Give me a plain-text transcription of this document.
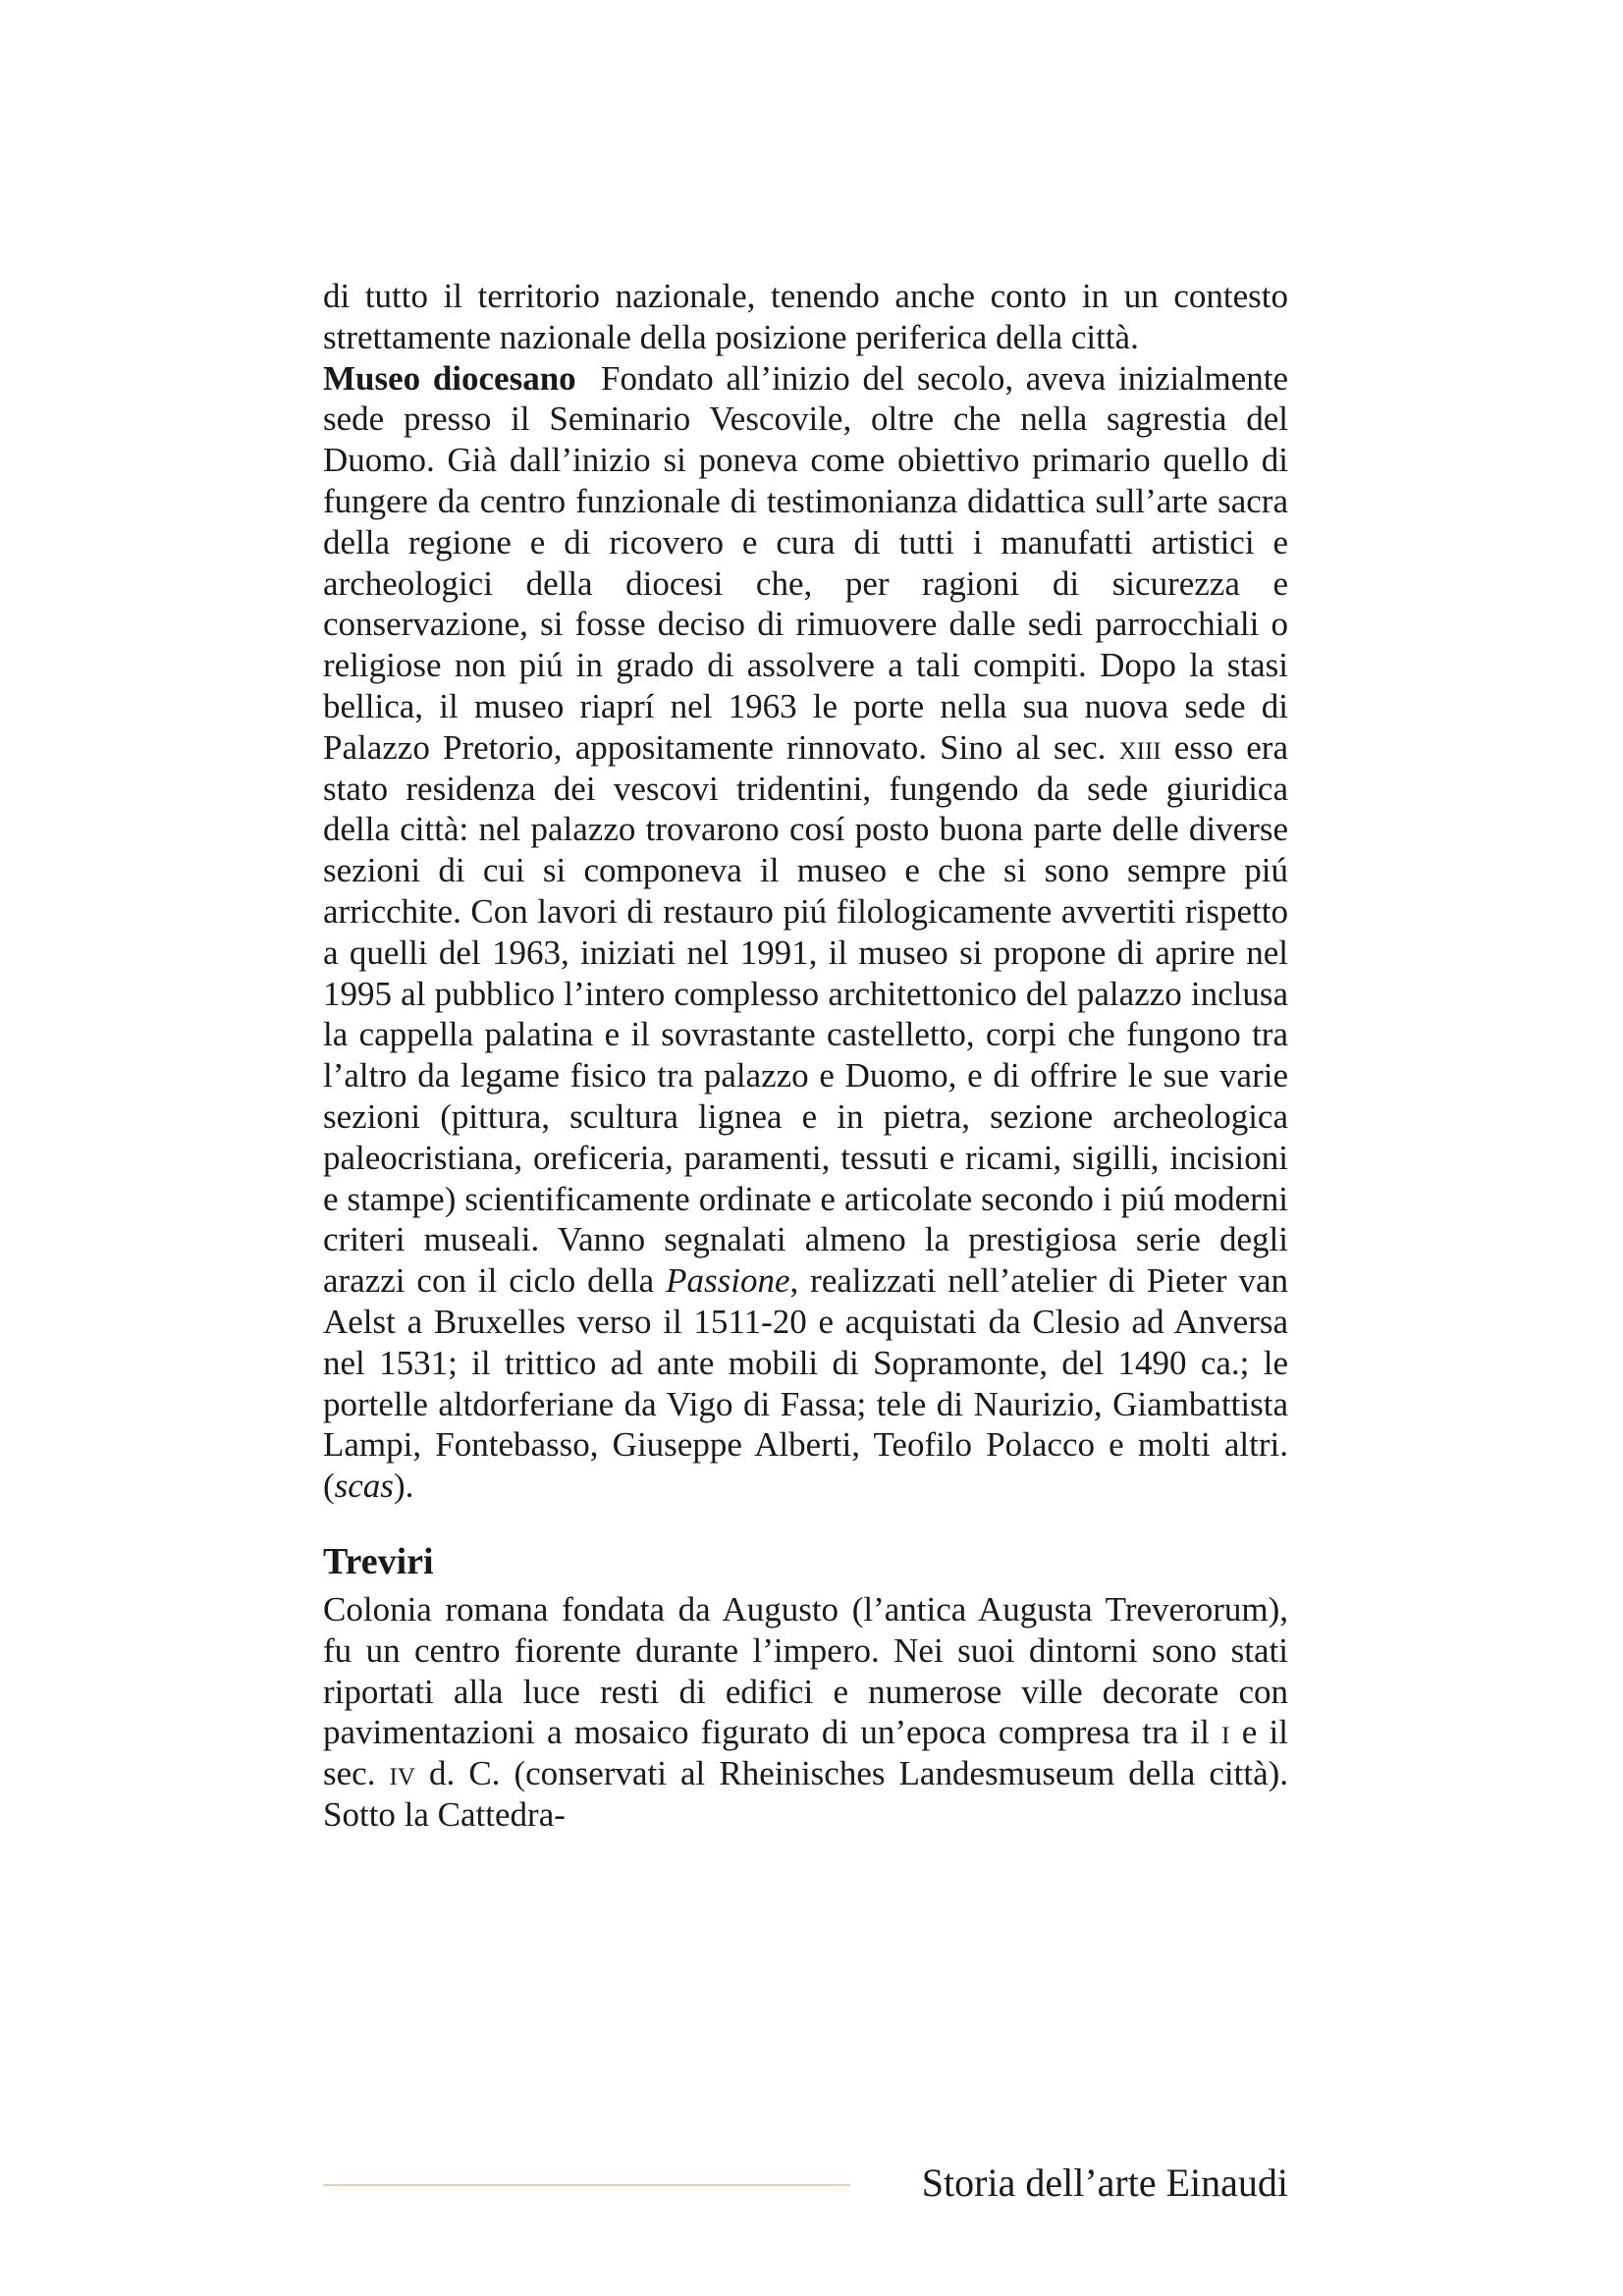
di tutto il territorio nazionale, tenendo anche conto in un contesto strettamente nazionale della posizione periferica della città.

Museo diocesano Fondato all’inizio del secolo, aveva inizialmente sede presso il Seminario Vescovile, oltre che nella sagrestia del Duomo. Già dall’inizio si poneva come obiettivo primario quello di fungere da centro funzionale di testimonianza didattica sull’arte sacra della regione e di ricovero e cura di tutti i manufatti artistici e archeologici della diocesi che, per ragioni di sicurezza e conservazione, si fosse deciso di rimuovere dalle sedi parrocchiali o religiose non piú in grado di assolvere a tali compiti. Dopo la stasi bellica, il museo riaprí nel 1963 le porte nella sua nuova sede di Palazzo Pretorio, appositamente rinnovato. Sino al sec. xiii esso era stato residenza dei vescovi tridentini, fungendo da sede giuridica della città: nel palazzo trovarono cosí posto buona parte delle diverse sezioni di cui si componeva il museo e che si sono sempre piú arricchite. Con lavori di restauro piú filologicamente avvertiti rispetto a quelli del 1963, iniziati nel 1991, il museo si propone di aprire nel 1995 al pubblico l’intero complesso architettonico del palazzo inclusa la cappella palatina e il sovrastante castelletto, corpi che fungono tra l’altro da legame fisico tra palazzo e Duomo, e di offrire le sue varie sezioni (pittura, scultura lignea e in pietra, sezione archeologica paleocristiana, oreficeria, paramenti, tessuti e ricami, sigilli, incisioni e stampe) scientificamente ordinate e articolate secondo i piú moderni criteri museali. Vanno segnalati almeno la prestigiosa serie degli arazzi con il ciclo della Passione, realizzati nell’atelier di Pieter van Aelst a Bruxelles verso il 1511-20 e acquistati da Clesio ad Anversa nel 1531; il trittico ad ante mobili di Sopramonte, del 1490 ca.; le portelle altdorferiane da Vigo di Fassa; tele di Naurizio, Giambattista Lampi, Fontebasso, Giuseppe Alberti, Teofilo Polacco e molti altri. (scas).

Treviri

Colonia romana fondata da Augusto (l’antica Augusta Treverorum), fu un centro fiorente durante l’impero. Nei suoi dintorni sono stati riportati alla luce resti di edifici e numerose ville decorate con pavimentazioni a mosaico figurato di un’epoca compresa tra il i e il sec. iv d. C. (conservati al Rheinisches Landesmuseum della città). Sotto la Cattedra-

Storia dell’arte Einaudi
